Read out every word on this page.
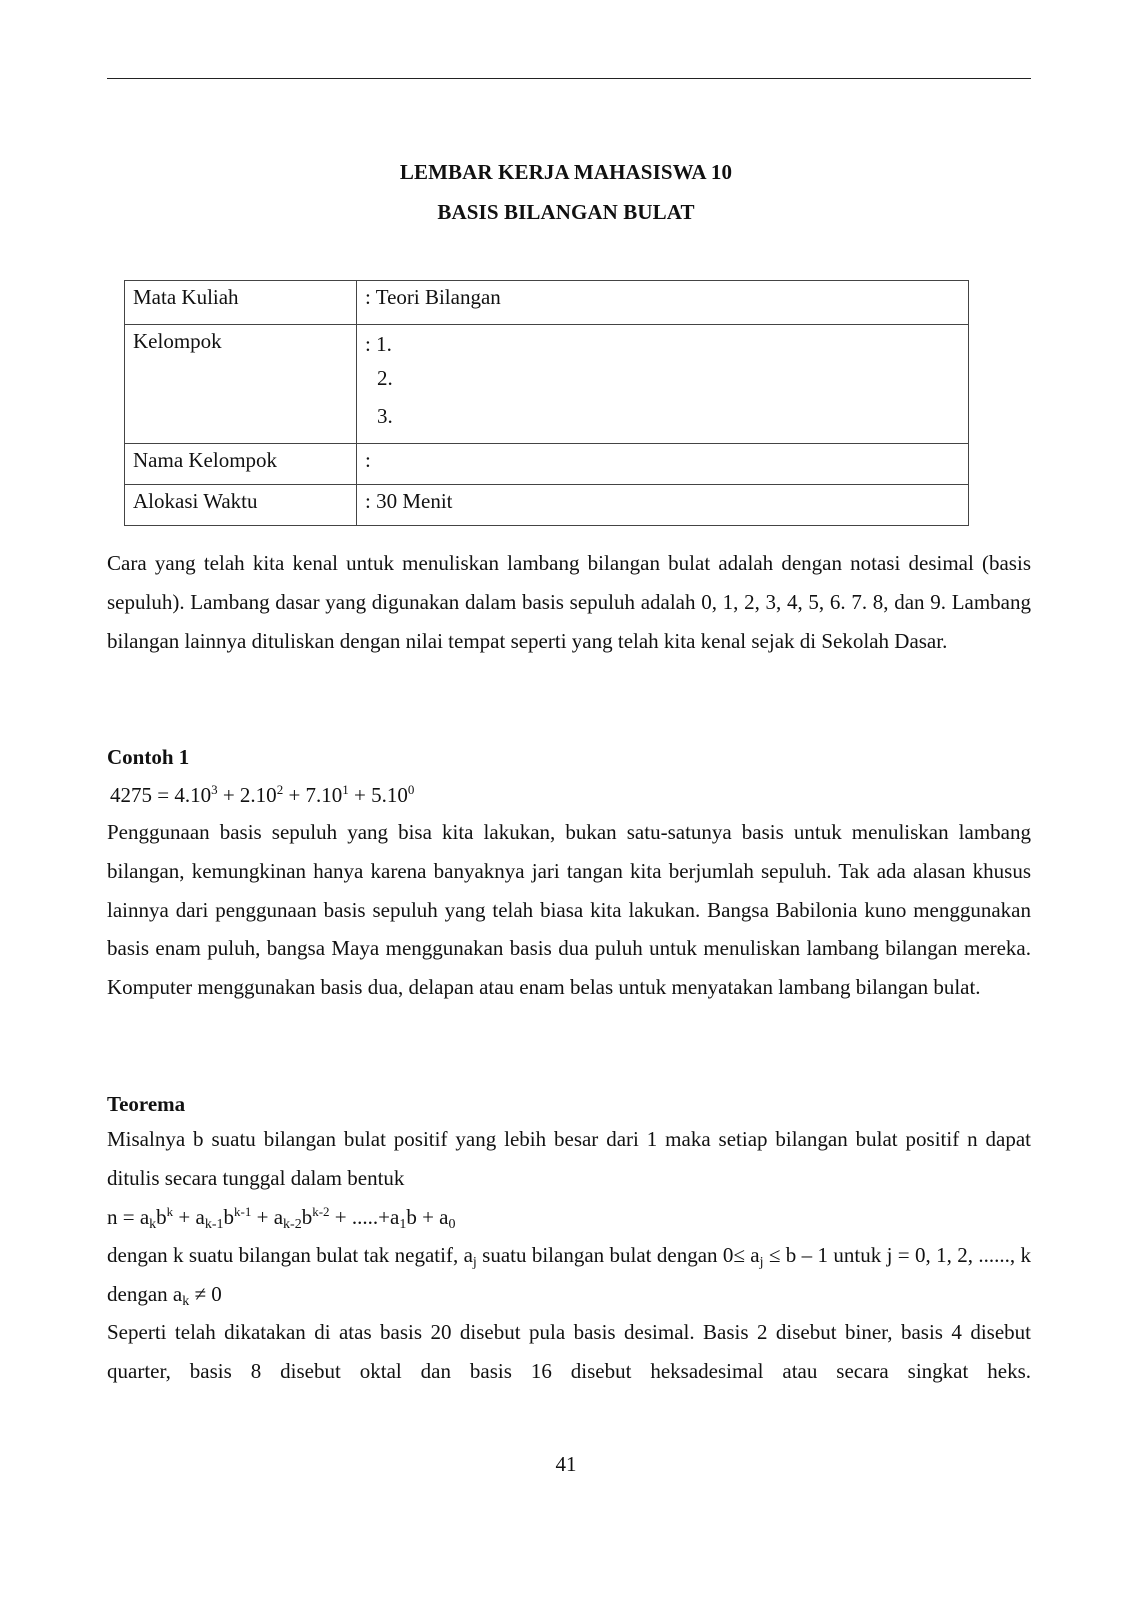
LEMBAR KERJA MAHASISWA 10
BASIS BILANGAN BULAT
Mata Kuliah	: Teori Bilangan
Kelompok	: 1.
2.
3.

Nama Kelompok	:
Alokasi Waktu	: 30 Menit
Cara yang telah kita kenal untuk menuliskan lambang bilangan bulat adalah dengan notasi desimal (basis sepuluh). Lambang dasar yang digunakan dalam basis sepuluh adalah 0, 1, 2, 3, 4, 5, 6. 7. 8, dan 9. Lambang bilangan lainnya dituliskan dengan nilai tempat seperti yang telah kita kenal sejak di Sekolah Dasar.
Contoh 1
$4275 = 4.10^3 + 2.10^2 + 7.10^1 + 5.10^0$
Penggunaan basis sepuluh yang bisa kita lakukan, bukan satu-satunya basis untuk menuliskan lambang bilangan, kemungkinan hanya karena banyaknya jari tangan kita berjumlah sepuluh. Tak ada alasan khusus lainnya dari penggunaan basis sepuluh yang telah biasa kita lakukan. Bangsa Babilonia kuno menggunakan basis enam puluh, bangsa Maya menggunakan basis dua puluh untuk menuliskan lambang bilangan mereka. Komputer menggunakan basis dua, delapan atau enam belas untuk menyatakan lambang bilangan bulat.
Teorema
Misalnya b suatu bilangan bulat positif yang lebih besar dari 1 maka setiap bilangan bulat positif n dapat ditulis secara tunggal dalam bentuk
$n = a_kb^k + a_{k-1}b^{k-1} + a_{k-2}b^{k-2} + .....+a_1b + a_0$
dengan k suatu bilangan bulat tak negatif, $a_j$ suatu bilangan bulat dengan $0\le a_j \le b - 1$ untuk j = 0, 1, 2, ......, k dengan $a_k \ne 0$
Seperti telah dikatakan di atas basis 20 disebut pula basis desimal. Basis 2 disebut biner, basis 4 disebut quarter, basis 8 disebut oktal dan basis 16 disebut heksadesimal atau secara singkat heks.
41
